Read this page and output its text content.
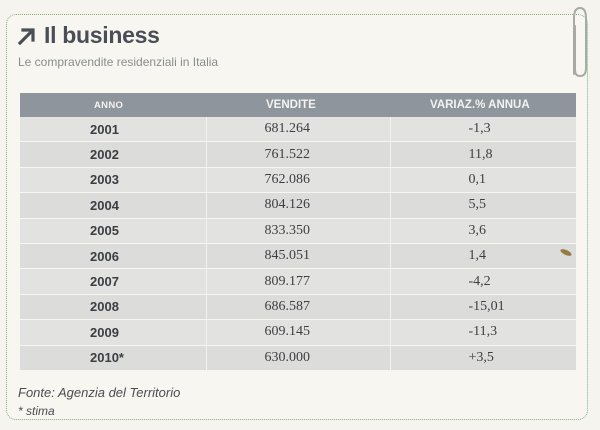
Il business
Le compravendite residenziali in Italia
ANNO	VENDITE	VARIAZ.% ANNUA
2001	681.264	-1,3
2002	761.522	11,8
2003	762.086	0,1
2004	804.126	5,5
2005	833.350	3,6
2006	845.051	1,4
2007	809.177	-4,2
2008	686.587	-15,01
2009	609.145	-11,3
2010*	630.000	+3,5
Fonte: Agenzia del Territorio
* stima
